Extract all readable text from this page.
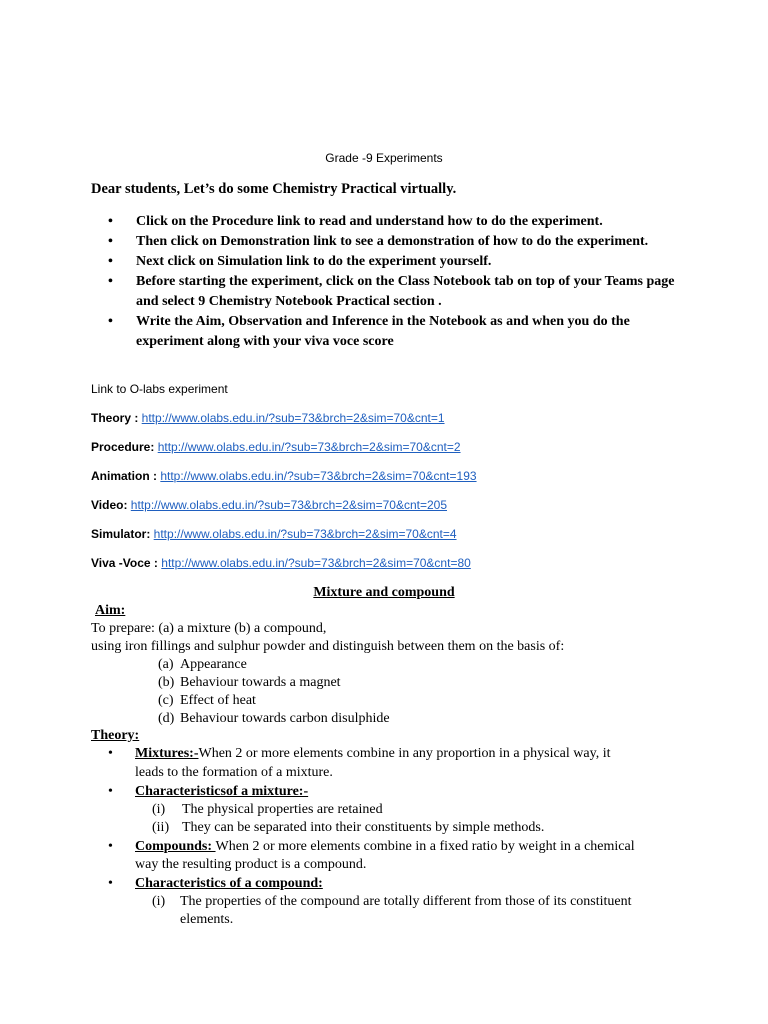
Grade -9 Experiments
Dear students, Let’s do some Chemistry Practical virtually.
• Click on the Procedure link to read and understand how to do the experiment.
• Then click on Demonstration link to see a demonstration of how to do the experiment.
• Next click on Simulation link to do the experiment yourself.
• Before starting the experiment, click on the Class Notebook tab on top of your Teams page and select 9 Chemistry Notebook Practical section .
• Write the Aim, Observation and Inference in the Notebook as and when you do the experiment along with your viva voce score
Link to O-labs experiment
Theory : http://www.olabs.edu.in/?sub=73&brch=2&sim=70&cnt=1
Procedure: http://www.olabs.edu.in/?sub=73&brch=2&sim=70&cnt=2
Animation : http://www.olabs.edu.in/?sub=73&brch=2&sim=70&cnt=193
Video: http://www.olabs.edu.in/?sub=73&brch=2&sim=70&cnt=205
Simulator: http://www.olabs.edu.in/?sub=73&brch=2&sim=70&cnt=4
Viva -Voce : http://www.olabs.edu.in/?sub=73&brch=2&sim=70&cnt=80
Mixture and compound
Aim:
To prepare: (a) a mixture (b) a compound,
using iron fillings and sulphur powder and distinguish between them on the basis of:
(a) Appearance
(b) Behaviour towards a magnet
(c) Effect of heat
(d) Behaviour towards carbon disulphide
Theory:
• Mixtures:-When 2 or more elements combine in any proportion in a physical way, it
leads to the formation of a mixture.
• Characteristicsof a mixture:-
(i) The physical properties are retained
(ii) They can be separated into their constituents by simple methods.
• Compounds: When 2 or more elements combine in a fixed ratio by weight in a chemical
way the resulting product is a compound.
• Characteristics of a compound:
(i) The properties of the compound are totally different from those of its constituent
elements.
